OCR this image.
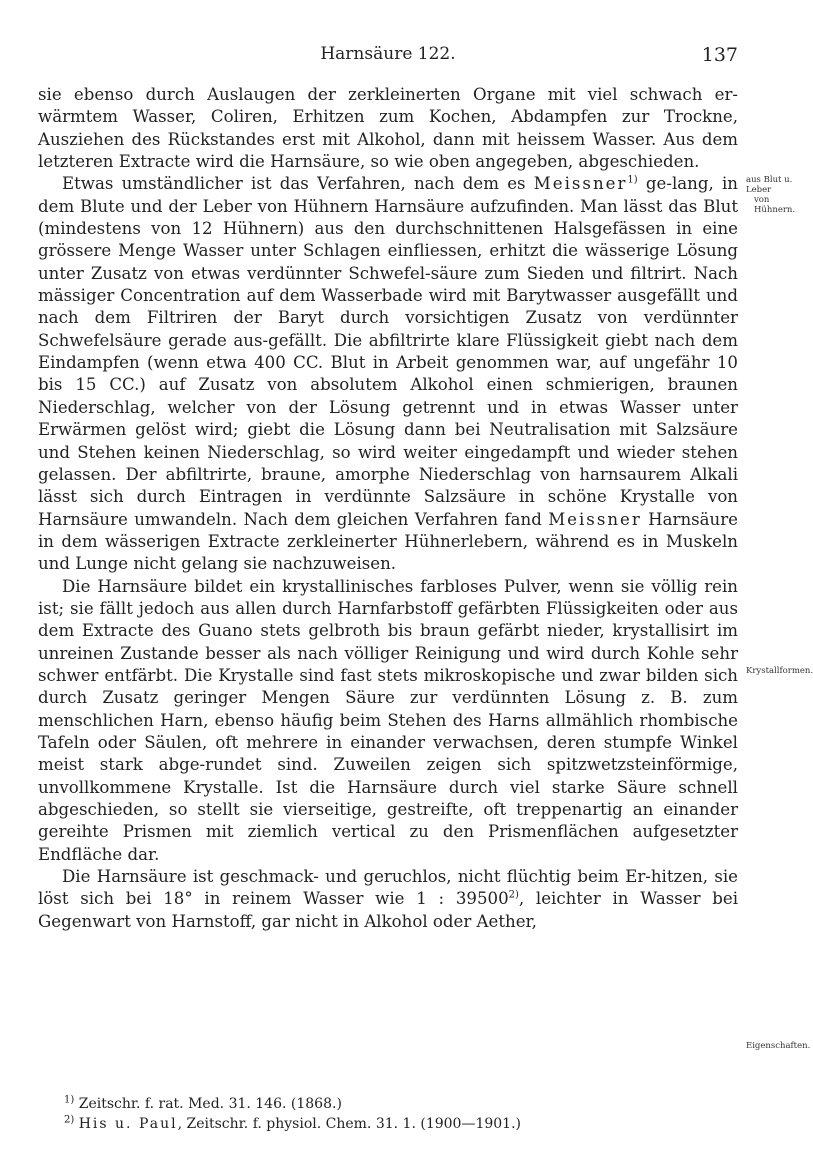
Harnsäure 122.	137

sie ebenso durch Auslaugen der zerkleinerten Organe mit viel schwach er-wärmtem Wasser, Coliren, Erhitzen zum Kochen, Abdampfen zur Trockne, Ausziehen des Rückstandes erst mit Alkohol, dann mit heissem Wasser. Aus dem letzteren Extracte wird die Harnsäure, so wie oben angegeben, abgeschieden.

Etwas umständlicher ist das Verfahren, nach dem es Meissner$^{1)}$ ge-lang, in dem Blute und der Leber von Hühnern Harnsäure aufzufinden. Man lässt das Blut (mindestens von 12 Hühnern) aus den durchschnittenen Halsgefässen in eine grössere Menge Wasser unter Schlagen einfliessen, erhitzt die wässerige Lösung unter Zusatz von etwas verdünnter Schwefel-säure zum Sieden und filtrirt. Nach mässiger Concentration auf dem Wasserbade wird mit Barytwasser ausgefällt und nach dem Filtriren der Baryt durch vorsichtigen Zusatz von verdünnter Schwefelsäure gerade aus-gefällt. Die abfiltrirte klare Flüssigkeit giebt nach dem Eindampfen (wenn etwa 400 CC. Blut in Arbeit genommen war, auf ungefähr 10 bis 15 CC.) auf Zusatz von absolutem Alkohol einen schmierigen, braunen Niederschlag, welcher von der Lösung getrennt und in etwas Wasser unter Erwärmen gelöst wird; giebt die Lösung dann bei Neutralisation mit Salzsäure und Stehen keinen Niederschlag, so wird weiter eingedampft und wieder stehen gelassen. Der abfiltrirte, braune, amorphe Niederschlag von harnsaurem Alkali lässt sich durch Eintragen in verdünnte Salzsäure in schöne Krystalle von Harnsäure umwandeln. Nach dem gleichen Verfahren fand Meissner Harnsäure in dem wässerigen Extracte zerkleinerter Hühnerlebern, während es in Muskeln und Lunge nicht gelang sie nachzuweisen.

Die Harnsäure bildet ein krystallinisches farbloses Pulver, wenn sie völlig rein ist; sie fällt jedoch aus allen durch Harnfarbstoff gefärbten Flüssigkeiten oder aus dem Extracte des Guano stets gelbroth bis braun gefärbt nieder, krystallisirt im unreinen Zustande besser als nach völliger Reinigung und wird durch Kohle sehr schwer entfärbt. Die Krystalle sind fast stets mikroskopische und zwar bilden sich durch Zusatz geringer Mengen Säure zur verdünnten Lösung z. B. zum menschlichen Harn, ebenso häufig beim Stehen des Harns allmählich rhombische Tafeln oder Säulen, oft mehrere in einander verwachsen, deren stumpfe Winkel meist stark abge-rundet sind. Zuweilen zeigen sich spitzwetzsteinförmige, unvollkommene Krystalle. Ist die Harnsäure durch viel starke Säure schnell abgeschieden, so stellt sie vierseitige, gestreifte, oft treppenartig an einander gereihte Prismen mit ziemlich vertical zu den Prismenflächen aufgesetzter Endfläche dar.

Die Harnsäure ist geschmack- und geruchlos, nicht flüchtig beim Er-hitzen, sie löst sich bei 18° in reinem Wasser wie 1 : 39500$^{2)}$, leichter in Wasser bei Gegenwart von Harnstoff, gar nicht in Alkohol oder Aether,

aus Blut u. Leber
von Hühnern.
Krystallformen.
Eigenschaften.
$^{1)}$ Zeitschr. f. rat. Med. 31. 146. (1868.)
$^{2)}$ His u. Paul, Zeitschr. f. physiol. Chem. 31. 1. (1900—1901.)
